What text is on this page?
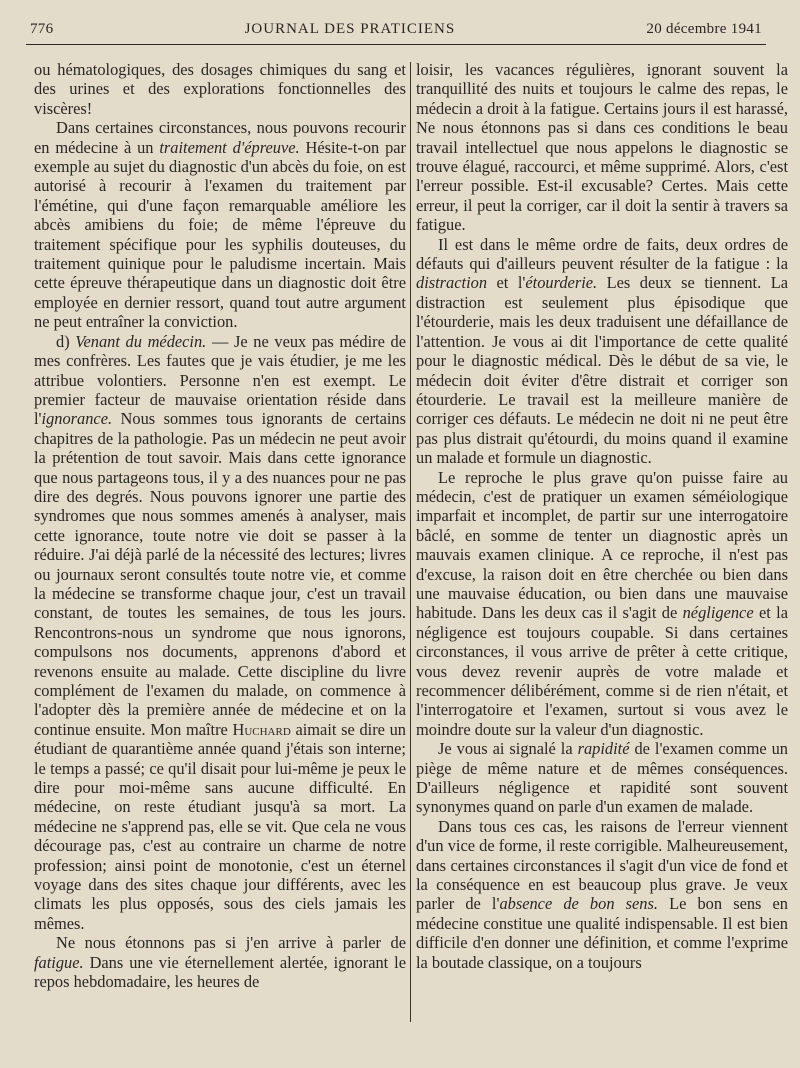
776	JOURNAL DES PRATICIENS	20 décembre 1941

ou hématologiques, des dosages chimiques du sang et des urines et des explorations fonctionnelles des viscères!

Dans certaines circonstances, nous pouvons recourir en médecine à un traitement d'épreuve. Hésite-t-on par exemple au sujet du diagnostic d'un abcès du foie, on est autorisé à recourir à l'examen du traitement par l'émétine, qui d'une façon remarquable améliore les abcès amibiens du foie; de même l'épreuve du traitement spécifique pour les syphilis douteuses, du traitement quinique pour le paludisme incertain. Mais cette épreuve thérapeutique dans un diagnostic doit être employée en dernier ressort, quand tout autre argument ne peut entraîner la conviction.

d) Venant du médecin. — Je ne veux pas médire de mes confrères. Les fautes que je vais étudier, je me les attribue volontiers. Personne n'en est exempt. Le premier facteur de mauvaise orientation réside dans l'ignorance. Nous sommes tous ignorants de certains chapitres de la pathologie. Pas un médecin ne peut avoir la prétention de tout savoir. Mais dans cette ignorance que nous partageons tous, il y a des nuances pour ne pas dire des degrés. Nous pouvons ignorer une partie des syndromes que nous sommes amenés à analyser, mais cette ignorance, toute notre vie doit se passer à la réduire. J'ai déjà parlé de la nécessité des lectures; livres ou journaux seront consultés toute notre vie, et comme la médecine se transforme chaque jour, c'est un travail constant, de toutes les semaines, de tous les jours. Rencontrons-nous un syndrome que nous ignorons, compulsons nos documents, apprenons d'abord et revenons ensuite au malade. Cette discipline du livre complément de l'examen du malade, on commence à l'adopter dès la première année de médecine et on la continue ensuite. Mon maître Huchard aimait se dire un étudiant de quarantième année quand j'étais son interne; le temps a passé; ce qu'il disait pour lui-même je peux le dire pour moi-même sans aucune difficulté. En médecine, on reste étudiant jusqu'à sa mort. La médecine ne s'apprend pas, elle se vit. Que cela ne vous décourage pas, c'est au contraire un charme de notre profession; ainsi point de monotonie, c'est un éternel voyage dans des sites chaque jour différents, avec les climats les plus opposés, sous des ciels jamais les mêmes.

Ne nous étonnons pas si j'en arrive à parler de fatigue. Dans une vie éternellement alertée, ignorant le repos hebdomadaire, les heures de

loisir, les vacances régulières, ignorant souvent la tranquillité des nuits et toujours le calme des repas, le médecin a droit à la fatigue. Certains jours il est harassé, Ne nous étonnons pas si dans ces conditions le beau travail intellectuel que nous appelons le diagnostic se trouve élagué, raccourci, et même supprimé. Alors, c'est l'erreur possible. Est-il excusable? Certes. Mais cette erreur, il peut la corriger, car il doit la sentir à travers sa fatigue.

Il est dans le même ordre de faits, deux ordres de défauts qui d'ailleurs peuvent résulter de la fatigue : la distraction et l'étourderie. Les deux se tiennent. La distraction est seulement plus épisodique que l'étourderie, mais les deux traduisent une défaillance de l'attention. Je vous ai dit l'importance de cette qualité pour le diagnostic médical. Dès le début de sa vie, le médecin doit éviter d'être distrait et corriger son étourderie. Le travail est la meilleure manière de corriger ces défauts. Le médecin ne doit ni ne peut être pas plus distrait qu'étourdi, du moins quand il examine un malade et formule un diagnostic.

Le reproche le plus grave qu'on puisse faire au médecin, c'est de pratiquer un examen séméiologique imparfait et incomplet, de partir sur une interrogatoire bâclé, en somme de tenter un diagnostic après un mauvais examen clinique. A ce reproche, il n'est pas d'excuse, la raison doit en être cherchée ou bien dans une mauvaise éducation, ou bien dans une mauvaise habitude. Dans les deux cas il s'agit de négligence et la négligence est toujours coupable. Si dans certaines circonstances, il vous arrive de prêter à cette critique, vous devez revenir auprès de votre malade et recommencer délibérément, comme si de rien n'était, et l'interrogatoire et l'examen, surtout si vous avez le moindre doute sur la valeur d'un diagnostic.

Je vous ai signalé la rapidité de l'examen comme un piège de même nature et de mêmes conséquences. D'ailleurs négligence et rapidité sont souvent synonymes quand on parle d'un examen de malade.

Dans tous ces cas, les raisons de l'erreur viennent d'un vice de forme, il reste corrigible. Malheureusement, dans certaines circonstances il s'agit d'un vice de fond et la conséquence en est beaucoup plus grave. Je veux parler de l'absence de bon sens. Le bon sens en médecine constitue une qualité indispensable. Il est bien difficile d'en donner une définition, et comme l'exprime la boutade classique, on a toujours
